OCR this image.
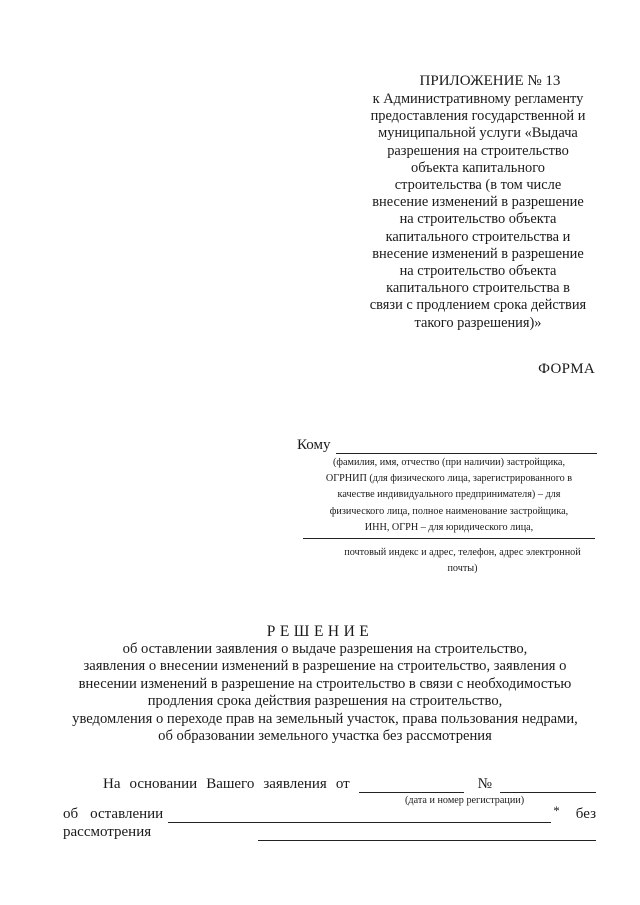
ПРИЛОЖЕНИЕ № 13
к Административному регламенту
предоставления государственной и
муниципальной услуги «Выдача
разрешения на строительство
объекта капитального
строительства (в том числе
внесение изменений в разрешение
на строительство объекта
капитального строительства и
внесение изменений в разрешение
на строительство объекта
капитального строительства в
связи с продлением срока действия
такого разрешения)»
ФОРМА
Кому
(фамилия, имя, отчество (при наличии) застройщика,
ОГРНИП (для физического лица, зарегистрированного в
качестве индивидуального предпринимателя) – для
физического лица, полное наименование застройщика,
ИНН, ОГРН – для юридического лица,
почтовый индекс и адрес, телефон, адрес электронной
почты)
РЕШЕНИЕ
об оставлении заявления о выдаче разрешения на строительство,
заявления о внесении изменений в разрешение на строительство, заявления о
внесении изменений в разрешение на строительство в связи с необходимостью
продления срока действия разрешения на строительство,
уведомления о переходе прав на земельный участок, права пользования недрами,
об образовании земельного участка без рассмотрения
На основании Вашего заявления от	№
(дата и номер регистрации)
об оставлении	* без
рассмотрения
